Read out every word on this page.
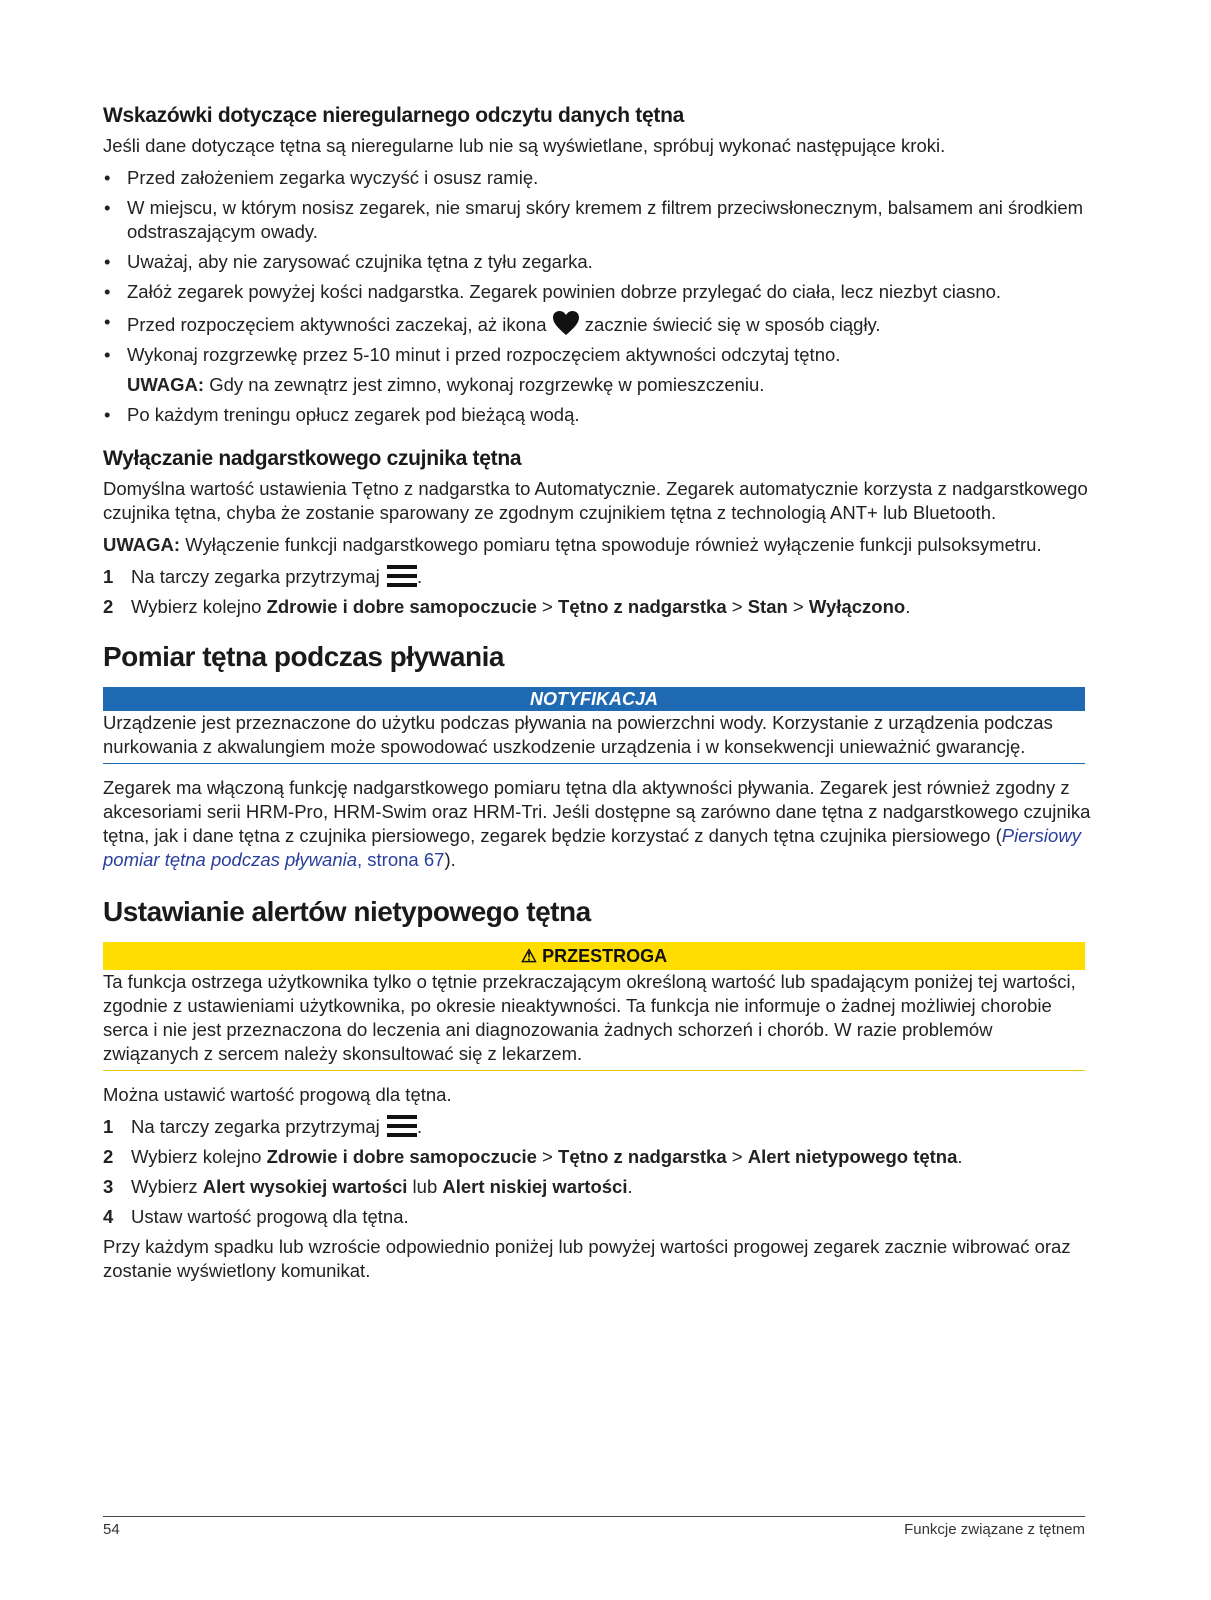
Wskazówki dotyczące nieregularnego odczytu danych tętna

Jeśli dane dotyczące tętna są nieregularne lub nie są wyświetlane, spróbuj wykonać następujące kroki.

• Przed założeniem zegarka wyczyść i osusz ramię.
• W miejscu, w którym nosisz zegarek, nie smaruj skóry kremem z filtrem przeciwsłonecznym, balsamem ani środkiem odstraszającym owady.
• Uważaj, aby nie zarysować czujnika tętna z tyłu zegarka.
• Załóż zegarek powyżej kości nadgarstka. Zegarek powinien dobrze przylegać do ciała, lecz niezbyt ciasno.
• Przed rozpoczęciem aktywności zaczekaj, aż ikona zacznie świecić się w sposób ciągły.
• Wykonaj rozgrzewkę przez 5-10 minut i przed rozpoczęciem aktywności odczytaj tętno.
UWAGA: Gdy na zewnątrz jest zimno, wykonaj rozgrzewkę w pomieszczeniu.
• Po każdym treningu opłucz zegarek pod bieżącą wodą.
Wyłączanie nadgarstkowego czujnika tętna

Domyślna wartość ustawienia Tętno z nadgarstka to Automatycznie. Zegarek automatycznie korzysta z nadgarstkowego czujnika tętna, chyba że zostanie sparowany ze zgodnym czujnikiem tętna z technologią ANT+ lub Bluetooth.

UWAGA: Wyłączenie funkcji nadgarstkowego pomiaru tętna spowoduje również wyłączenie funkcji pulsoksymetru.

1 Na tarczy zegarka przytrzymaj .
2 Wybierz kolejno Zdrowie i dobre samopoczucie > Tętno z nadgarstka > Stan > Wyłączono.
Pomiar tętna podczas pływania
NOTYFIKACJA

Urządzenie jest przeznaczone do użytku podczas pływania na powierzchni wody. Korzystanie z urządzenia podczas nurkowania z akwalungiem może spowodować uszkodzenie urządzenia i w konsekwencji unieważnić gwarancję.

Zegarek ma włączoną funkcję nadgarstkowego pomiaru tętna dla aktywności pływania. Zegarek jest również zgodny z akcesoriami serii HRM-Pro, HRM-Swim oraz HRM-Tri. Jeśli dostępne są zarówno dane tętna z nadgarstkowego czujnika tętna, jak i dane tętna z czujnika piersiowego, zegarek będzie korzystać z danych tętna czujnika piersiowego (Piersiowy pomiar tętna podczas pływania, strona 67).

Ustawianie alertów nietypowego tętna
⚠ PRZESTROGA

Ta funkcja ostrzega użytkownika tylko o tętnie przekraczającym określoną wartość lub spadającym poniżej tej wartości, zgodnie z ustawieniami użytkownika, po okresie nieaktywności. Ta funkcja nie informuje o żadnej możliwiej chorobie serca i nie jest przeznaczona do leczenia ani diagnozowania żadnych schorzeń i chorób. W razie problemów związanych z sercem należy skonsultować się z lekarzem.

Można ustawić wartość progową dla tętna.

1 Na tarczy zegarka przytrzymaj .
2 Wybierz kolejno Zdrowie i dobre samopoczucie > Tętno z nadgarstka > Alert nietypowego tętna.
3 Wybierz Alert wysokiej wartości lub Alert niskiej wartości.
4 Ustaw wartość progową dla tętna.

Przy każdym spadku lub wzroście odpowiednio poniżej lub powyżej wartości progowej zegarek zacznie wibrować oraz zostanie wyświetlony komunikat.

54	Funkcje związane z tętnem
